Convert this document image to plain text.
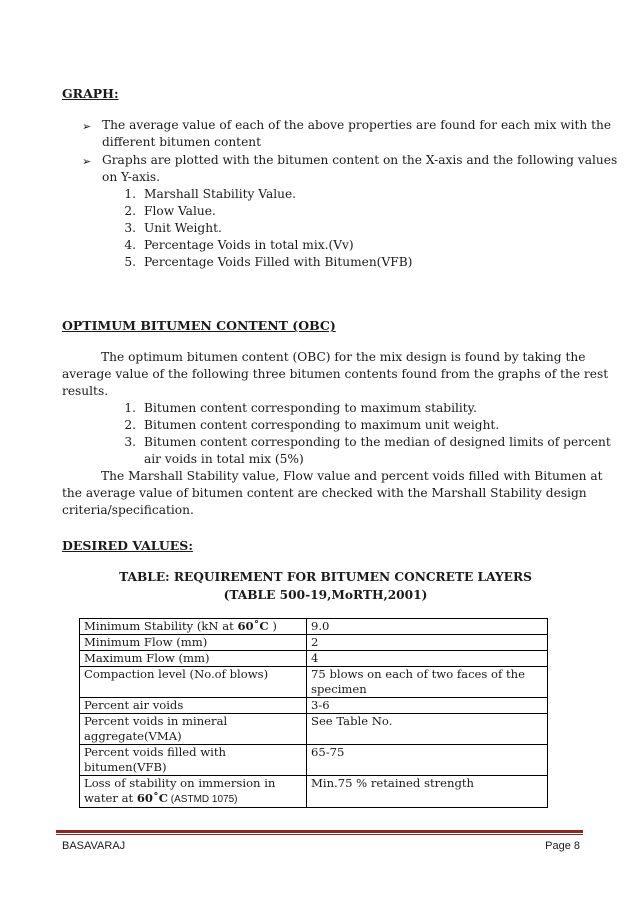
GRAPH:
➢ The average value of each of the above properties are found for each mix with the
different bitumen content
➢ Graphs are plotted with the bitumen content on the X-axis and the following values
on Y-axis.
1. Marshall Stability Value.
2. Flow Value.
3. Unit Weight.
4. Percentage Voids in total mix.(Vv)
5. Percentage Voids Filled with Bitumen(VFB)
OPTIMUM BITUMEN CONTENT (OBC)
The optimum bitumen content (OBC) for the mix design is found by taking the
average value of the following three bitumen contents found from the graphs of the rest
results.
1. Bitumen content corresponding to maximum stability.
2. Bitumen content corresponding to maximum unit weight.
3. Bitumen content corresponding to the median of designed limits of percent
air voids in total mix (5%)
The Marshall Stability value, Flow value and percent voids filled with Bitumen at
the average value of bitumen content are checked with the Marshall Stability design
criteria/specification.
DESIRED VALUES:
TABLE: REQUIREMENT FOR BITUMEN CONCRETE LAYERS
(TABLE 500-19,MoRTH,2001)
Minimum Stability (kN at 60˚C )	9.0
Minimum Flow (mm)	2
Maximum Flow (mm)	4
Compaction level (No.of blows)	75 blows on each of two faces of the
specimen
Percent air voids	3-6
Percent voids in mineral
aggregate(VMA)	See Table No.
Percent voids filled with
bitumen(VFB)	65-75
Loss of stability on immersion in
water at 60˚C (ASTMD 1075)	Min.75 % retained strength
BASAVARAJ	Page 8
